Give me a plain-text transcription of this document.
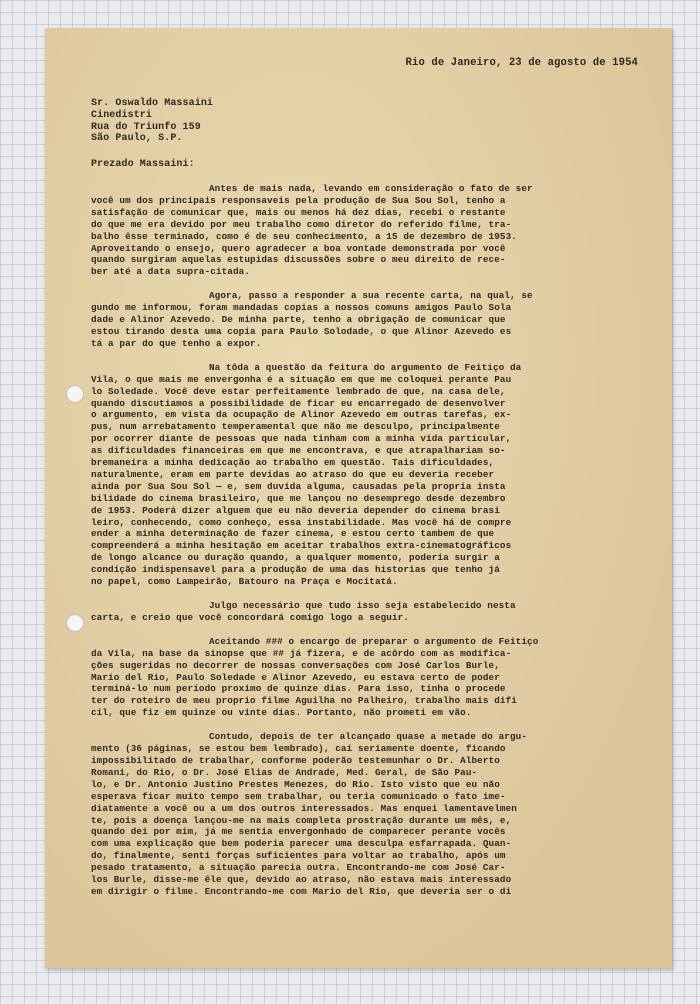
Rio de Janeiro, 23 de agosto de 1954
Sr. Oswaldo Massaini
Cinedistri
Rua do Triunfo 159
São Paulo, S.P.
Prezado Massaini:
Antes de mais nada, levando em consideração o fato de ser
você um dos principais responsaveis pela produção de Sua Sou Sol, tenho a
satisfação de comunicar que, mais ou menos há dez dias, recebi o restante
do que me era devido por meu trabalho como diretor do referido filme, tra-
balho êsse terminado, como é de seu conhecimento, a 15 de dezembro de 1953.
Aproveitando o ensejo, quero agradecer a boa vontade demonstrada por você
quando surgiram aquelas estupidas discussões sobre o meu direito de rece-
ber até a data supra-citada.
Agora, passo a responder a sua recente carta, na qual, se
gundo me informou, foram mandadas copias a nossos comuns amigos Paulo Sola
dade e Alinor Azevedo. De minha parte, tenho a obrigação de comunicar que
estou tirando desta uma copia para Paulo Solodade, o que Alinor Azevedo es
tá a par do que tenho a expor.
Na tôda a questão da feitura do argumento de Feitiço da
Vila, o que mais me envergonha é a situação em que me coloquei perante Pau
lo Soledade. Você deve estar perfeitamente lembrado de que, na casa dele,
quando discutiamos a possibilidade de ficar eu encarregado de desenvolver
o argumento, em vista da ocupação de Alinor Azevedo em outras tarefas, ex-
pus, num arrebatamento temperamental que não me desculpo, principalmente
por ocorrer diante de pessoas que nada tinham com a minha vida particular,
as dificuldades financeiras em que me encontrava, e que atrapalhariam so-
bremaneira a minha dedicação ao trabalho em questão. Tais dificuldades,
naturalmente, eram em parte devidas ao atraso do que eu deveria receber
ainda por Sua Sou Sol — e, sem duvida alguma, causadas pela propria insta
bilidade do cinema brasileiro, que me lançou no desemprego desde dezembro
de 1953. Poderá dizer alguem que eu não deveria depender do cinema brasi
leiro, conhecendo, como conheço, essa instabilidade. Mas você há de compre
ender a minha determinação de fazer cinema, e estou certo tambem de que
compreenderá a minha hesitação em aceitar trabalhos extra-cinematográficos
de longo alcance ou duração quando, a qualquer momento, poderia surgir a
condição indispensavel para a produção de uma das historias que tenho já
no papel, como Lampeirão, Batouro na Praça e Mocitatá.
Julgo necessário que tudo isso seja estabelecido nesta
carta, e creio que você concordará comigo logo a seguir.
Aceitando ### o encargo de preparar o argumento de Feitiço
da Vila, na base da sinopse que ## já fizera, e de acôrdo com as modifica-
ções sugeridas no decorrer de nossas conversações com José Carlos Burle,
Mario del Rio, Paulo Soledade e Alinor Azevedo, eu estava certo de poder
terminá-lo num período proximo de quinze dias. Para isso, tinha o procede
ter do roteiro de meu proprio filme Aguilha no Palheiro, trabalho mais difi
cil, que fiz em quinze ou vinte dias. Portanto, não prometi em vão.
Contudo, depois de ter alcançado quase a metade do argu-
mento (36 páginas, se estou bem lembrado), caí seriamente doente, ficando
impossibilitado de trabalhar, conforme poderão testemunhar o Dr. Alberto
Romani, do Rio, o Dr. José Elias de Andrade, Med. Geral, de São Pau-
lo, e Dr. Antonio Justino Prestes Menezes, do Rio. Isto visto que eu não
esperava ficar muito tempo sem trabalhar, ou teria comunicado o fato ime-
diatamente a você ou a um dos outros interessados. Mas enquei lamentavelmen
te, pois a doença lançou-me na mais completa prostração durante um mês, e,
quando dei por mim, já me sentia envergonhado de comparecer perante vocês
com uma explicação que bem poderia parecer uma desculpa esfarrapada. Quan-
do, finalmente, senti forças suficientes para voltar ao trabalho, após um
pesado tratamento, a situação parecia outra. Encontrando-me com José Car-
los Burle, disse-me êle que, devido ao atraso, não estava mais interessado
em dirigir o filme. Encontrando-me com Mario del Rio, que deveria ser o di
